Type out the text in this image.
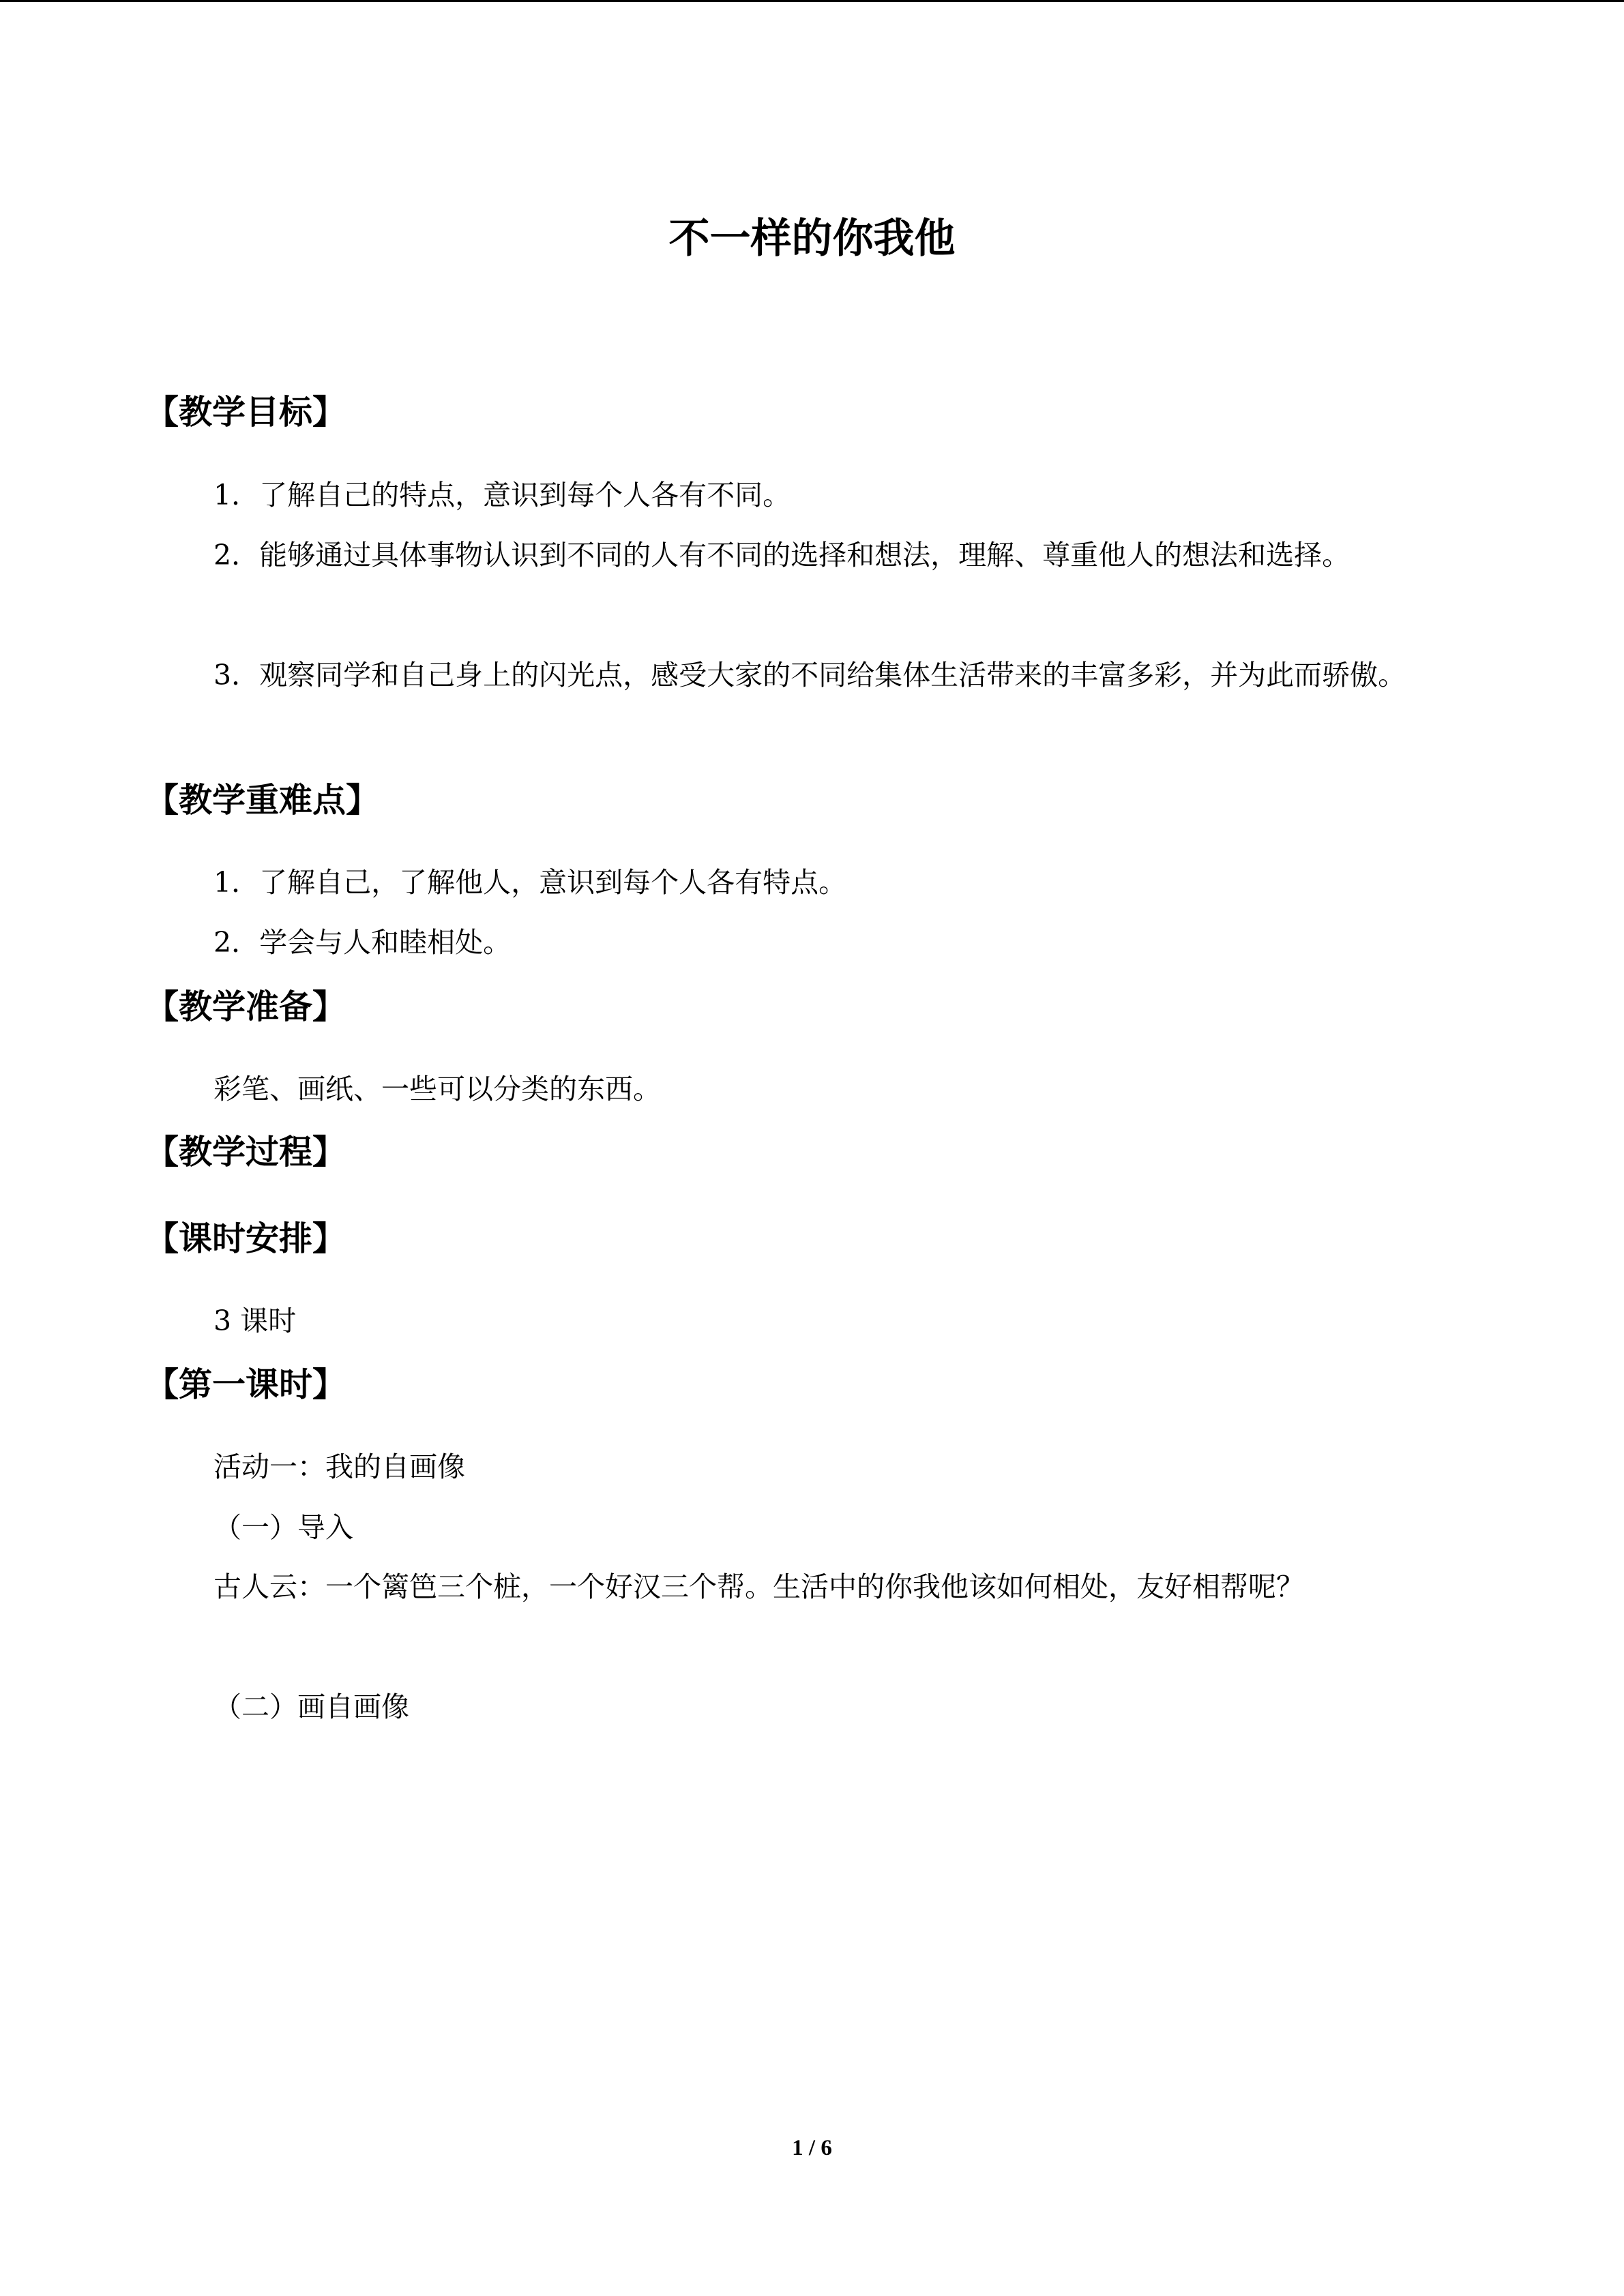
不一样的你我他
【教学目标】
1．了解自己的特点，意识到每个人各有不同。
2．能够通过具体事物认识到不同的人有不同的选择和想法，理解、尊重他人的想法和选择。
3．观察同学和自己身上的闪光点，感受大家的不同给集体生活带来的丰富多彩，并为此而骄傲。
【教学重难点】
1．了解自己，了解他人，意识到每个人各有特点。
2．学会与人和睦相处。
【教学准备】
彩笔、画纸、一些可以分类的东西。
【教学过程】
【课时安排】
3 课时
【第一课时】
活动一：我的自画像
（一）导入
古人云：一个篱笆三个桩，一个好汉三个帮。生活中的你我他该如何相处，友好相帮呢？
（二）画自画像
1 / 6
